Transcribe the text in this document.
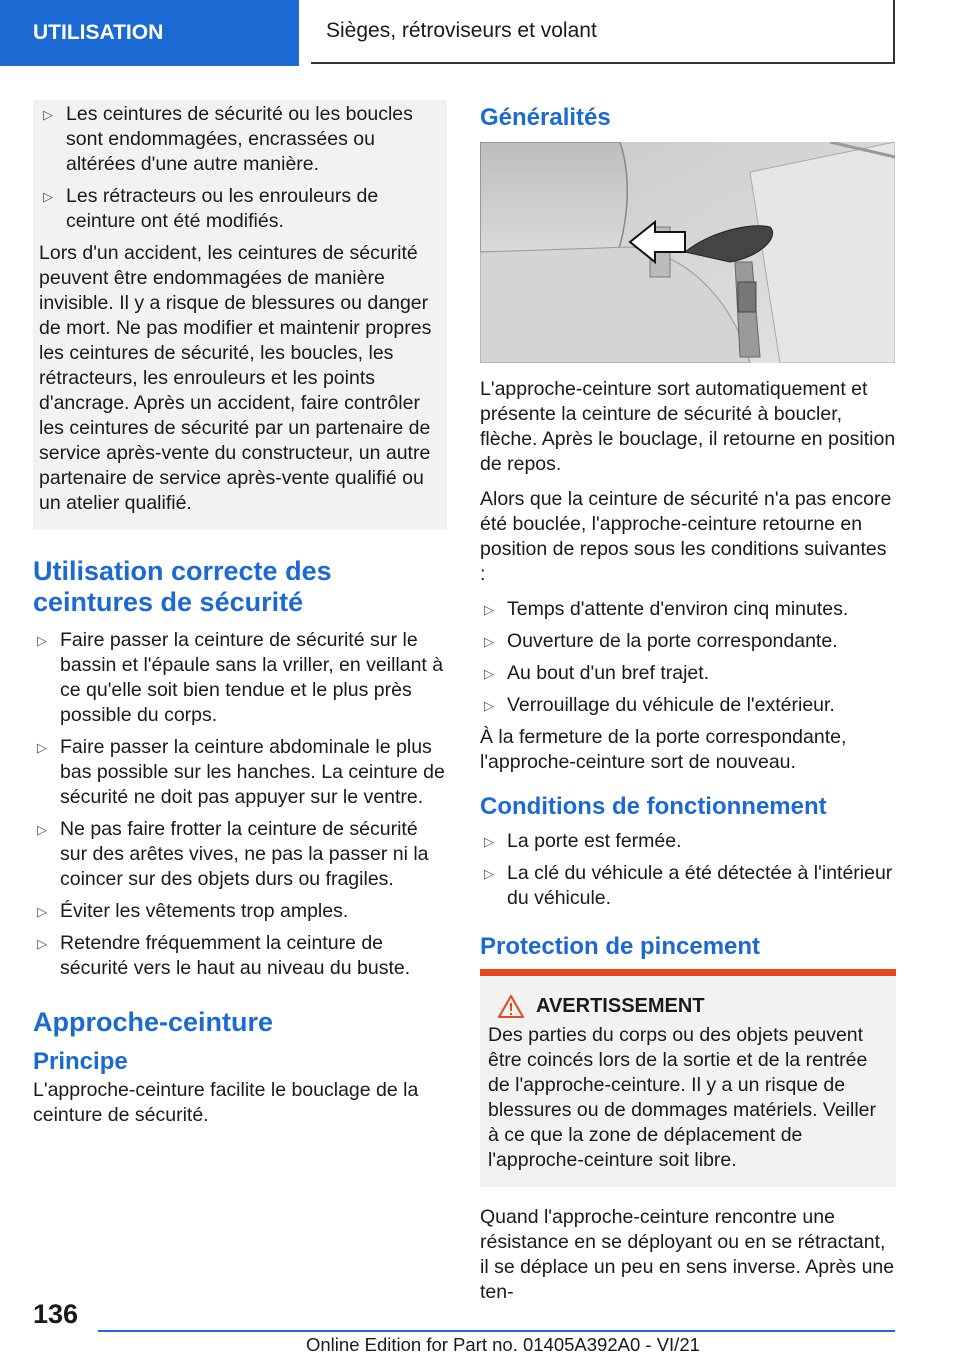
UTILISATION	Sièges, rétroviseurs et volant
▷ Les ceintures de sécurité ou les boucles sont endommagées, encrassées ou altérées d'une autre manière.
▷ Les rétracteurs ou les enrouleurs de ceinture ont été modifiés.

Lors d'un accident, les ceintures de sécurité peuvent être endommagées de manière invisible. Il y a risque de blessures ou danger de mort. Ne pas modifier et maintenir propres les ceintures de sécurité, les boucles, les rétracteurs, les enrouleurs et les points d'ancrage. Après un accident, faire contrôler les ceintures de sécurité par un partenaire de service après-vente du constructeur, un autre partenaire de service après-vente qualifié ou un atelier qualifié.

Utilisation correcte des ceintures de sécurité
▷ Faire passer la ceinture de sécurité sur le bassin et l'épaule sans la vriller, en veillant à ce qu'elle soit bien tendue et le plus près possible du corps.
▷ Faire passer la ceinture abdominale le plus bas possible sur les hanches. La ceinture de sécurité ne doit pas appuyer sur le ventre.
▷ Ne pas faire frotter la ceinture de sécurité sur des arêtes vives, ne pas la passer ni la coincer sur des objets durs ou fragiles.
▷ Éviter les vêtements trop amples.
▷ Retendre fréquemment la ceinture de sécurité vers le haut au niveau du buste.
Approche-ceinture
Principe

L'approche-ceinture facilite le bouclage de la ceinture de sécurité.

Généralités

L'approche-ceinture sort automatiquement et présente la ceinture de sécurité à boucler, flèche. Après le bouclage, il retourne en position de repos.

Alors que la ceinture de sécurité n'a pas encore été bouclée, l'approche-ceinture retourne en position de repos sous les conditions suivantes :

▷ Temps d'attente d'environ cinq minutes.
▷ Ouverture de la porte correspondante.
▷ Au bout d'un bref trajet.
▷ Verrouillage du véhicule de l'extérieur.

À la fermeture de la porte correspondante, l'approche-ceinture sort de nouveau.

Conditions de fonctionnement
▷ La porte est fermée.
▷ La clé du véhicule a été détectée à l'intérieur du véhicule.
Protection de pincement
AVERTISSEMENT

Des parties du corps ou des objets peuvent être coincés lors de la sortie et de la rentrée de l'approche-ceinture. Il y a un risque de blessures ou de dommages matériels. Veiller à ce que la zone de déplacement de l'approche-ceinture soit libre.

Quand l'approche-ceinture rencontre une résistance en se déployant ou en se rétractant, il se déplace un peu en sens inverse. Après une ten-

136
Online Edition for Part no. 01405A392A0 - VI/21
